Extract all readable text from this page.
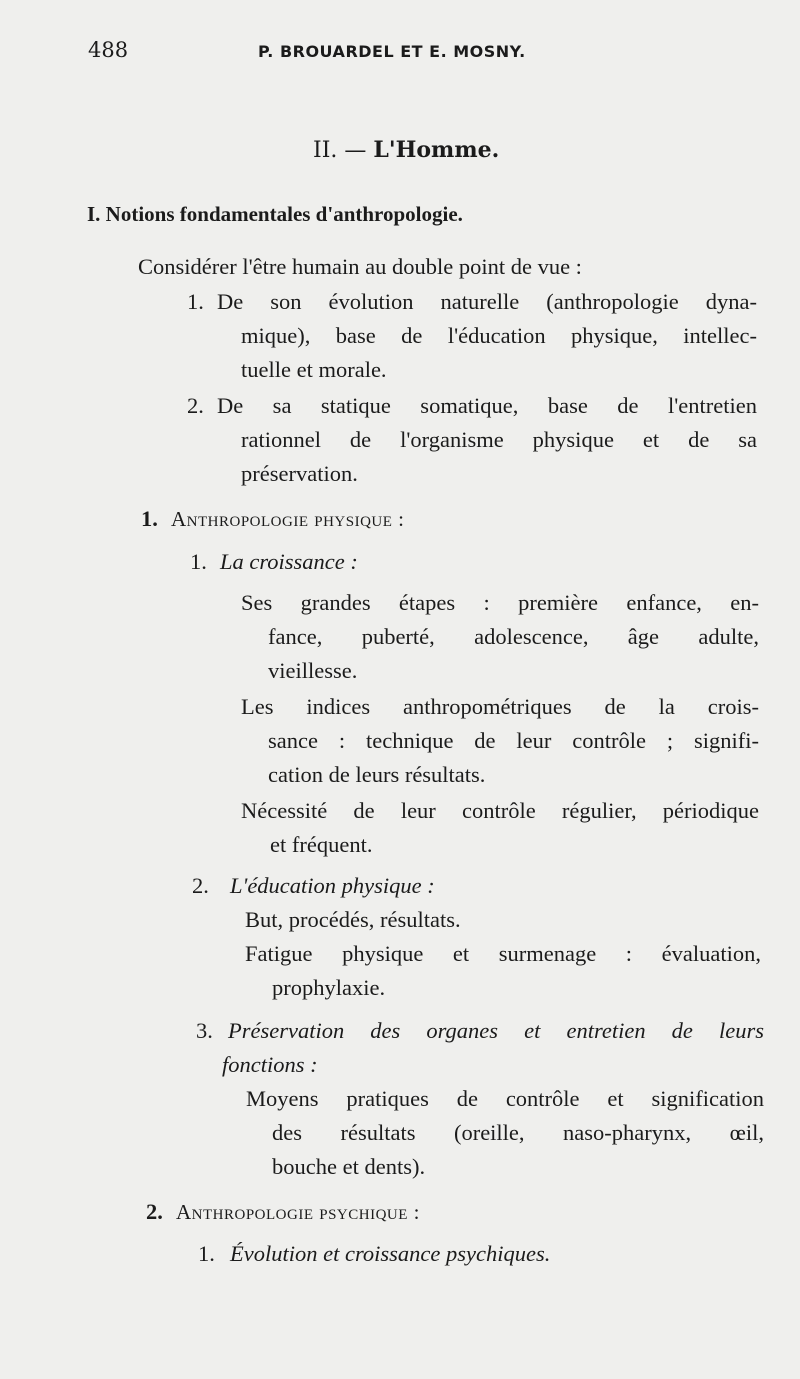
488	P. BROUARDEL ET E. MOSNY.
II. — L'Homme.
I. Notions fondamentales d'anthropologie.
Considérer l'être humain au double point de vue :
1. De son évolution naturelle (anthropologie dyna-
mique), base de l'éducation physique, intellec-
tuelle et morale.
2. De sa statique somatique, base de l'entretien
rationnel de l'organisme physique et de sa
préservation.
1. Anthropologie physique :
1. La croissance :
Ses grandes étapes : première enfance, en-
fance, puberté, adolescence, âge adulte,
vieillesse.
Les indices anthropométriques de la crois-
sance : technique de leur contrôle ; signifi-
cation de leurs résultats.
Nécessité de leur contrôle régulier, périodique
et fréquent.
2. L'éducation physique :
But, procédés, résultats.
Fatigue physique et surmenage : évaluation,
prophylaxie.
3. Préservation des organes et entretien de leurs
fonctions :
Moyens pratiques de contrôle et signification
des résultats (oreille, naso-pharynx, œil,
bouche et dents).
2. Anthropologie psychique :
1. Évolution et croissance psychiques.
